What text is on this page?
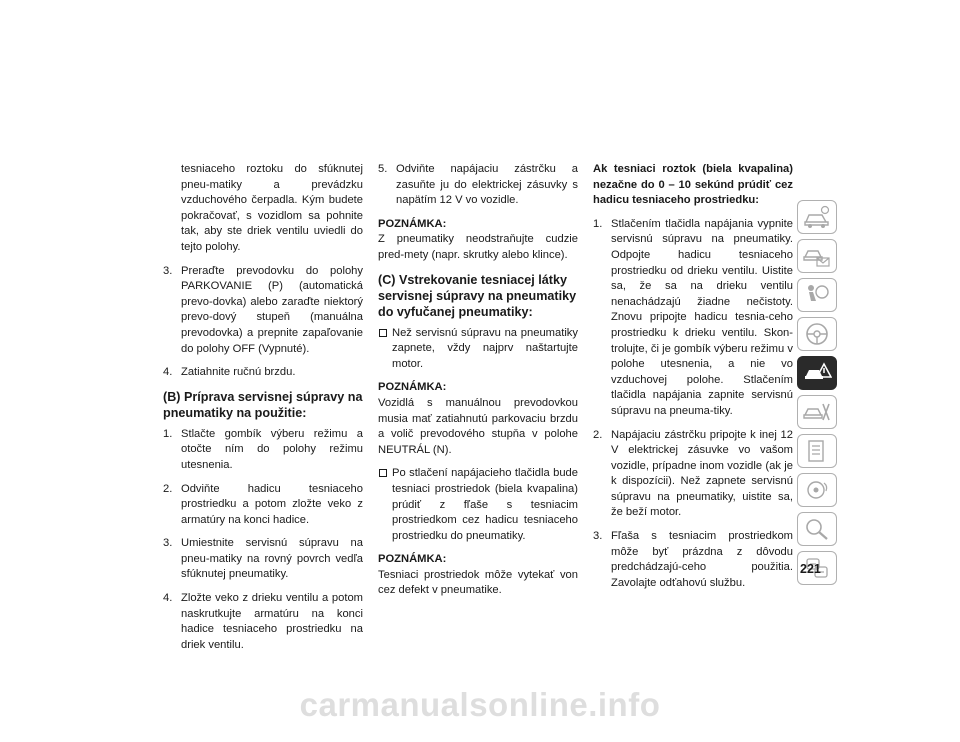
tesniaceho roztoku do sfúknutej pneu-matiky a prevádzku vzduchového čerpadla. Kým budete pokračovať, s vozidlom sa pohnite tak, aby ste driek ventilu uviedli do tejto polohy.

3. Preraďte prevodovku do polohy PARKOVANIE (P) (automatická prevo-dovka) alebo zaraďte niektorý prevo-dový stupeň (manuálna prevodovka) a prepnite zapaľovanie do polohy OFF (Vypnuté).
4. Zatiahnite ručnú brzdu.
(B) Príprava servisnej súpravy na pneumatiky na použitie:
1. Stlačte gombík výberu režimu a otočte ním do polohy režimu utesnenia.
2. Odviňte hadicu tesniaceho prostriedku a potom zložte veko z armatúry na konci hadice.
3. Umiestnite servisnú súpravu na pneu-matiky na rovný povrch vedľa sfúknutej pneumatiky.
4. Zložte veko z drieku ventilu a potom naskrutkujte armatúru na konci hadice tesniaceho prostriedku na driek ventilu.
5. Odviňte napájaciu zástrčku a zasuňte ju do elektrickej zásuvky s napätím 12 V vo vozidle.
POZNÁMKA:

Z pneumatiky neodstraňujte cudzie pred-mety (napr. skrutky alebo klince).

(C) Vstrekovanie tesniacej látky servisnej súpravy na pneumatiky do vyfučanej pneumatiky:
Než servisnú súpravu na pneumatiky zapnete, vždy najprv naštartujte motor.
POZNÁMKA:

Vozidlá s manuálnou prevodovkou musia mať zatiahnutú parkovaciu brzdu a volič prevodového stupňa v polohe NEUTRÁL (N).

Po stlačení napájacieho tlačidla bude tesniaci prostriedok (biela kvapalina) prúdiť z fľaše s tesniacim prostriedkom cez hadicu tesniaceho prostriedku do pneumatiky.
POZNÁMKA:

Tesniaci prostriedok môže vytekať von cez defekt v pneumatike.

Ak tesniaci roztok (biela kvapalina) nezačne do 0 – 10 sekúnd prúdiť cez hadicu tesniaceho prostriedku:

1. Stlačením tlačidla napájania vypnite servisnú súpravu na pneumatiky. Odpojte hadicu tesniaceho prostriedku od drieku ventilu. Uistite sa, že sa na drieku ventilu nenachádzajú žiadne nečistoty. Znovu pripojte hadicu tesnia-ceho prostriedku k drieku ventilu. Skon-trolujte, či je gombík výberu režimu v polohe utesnenia, a nie vo vzduchovej polohe. Stlačením tlačidla napájania zapnite servisnú súpravu na pneuma-tiky.
2. Napájaciu zástrčku pripojte k inej 12 V elektrickej zásuvke vo vašom vozidle, prípadne inom vozidle (ak je k dispozícii). Než zapnete servisnú súpravu na pneumatiky, uistite sa, že beží motor.
3. Fľaša s tesniacim prostriedkom môže byť prázdna z dôvodu predchádzajú-ceho použitia. Zavolajte odťahovú službu.
221
carmanualsonline.info
